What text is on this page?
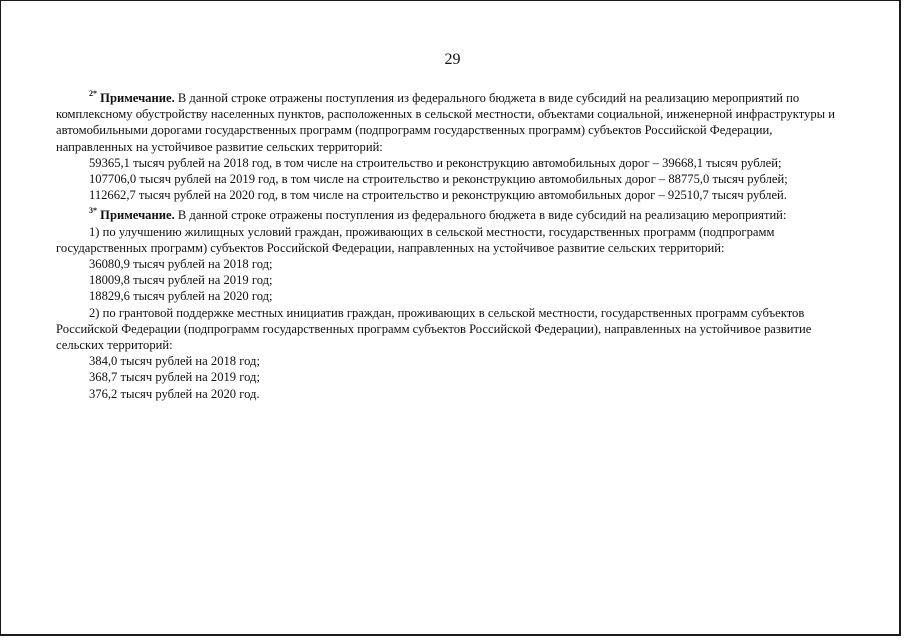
29

$^{2*}$ Примечание. В данной строке отражены поступления из федерального бюджета в виде субсидий на реализацию мероприятий по комплексному обустройству населенных пунктов, расположенных в сельской местности, объектами социальной, инженерной инфраструктуры и автомобильными дорогами государственных программ (подпрограмм государственных программ) субъектов Российской Федерации, направленных на устойчивое развитие сельских территорий:

59365,1 тысяч рублей на 2018 год, в том числе на строительство и реконструкцию автомобильных дорог – 39668,1 тысяч рублей;

107706,0 тысяч рублей на 2019 год, в том числе на строительство и реконструкцию автомобильных дорог – 88775,0 тысяч рублей;

112662,7 тысяч рублей на 2020 год, в том числе на строительство и реконструкцию автомобильных дорог – 92510,7 тысяч рублей.

$^{3*}$ Примечание. В данной строке отражены поступления из федерального бюджета в виде субсидий на реализацию мероприятий:

1) по улучшению жилищных условий граждан, проживающих в сельской местности, государственных программ (подпрограмм государственных программ) субъектов Российской Федерации, направленных на устойчивое развитие сельских территорий:

36080,9 тысяч рублей на 2018 год;

18009,8 тысяч рублей на 2019 год;

18829,6 тысяч рублей на 2020 год;

2) по грантовой поддержке местных инициатив граждан, проживающих в сельской местности, государственных программ субъектов Российской Федерации (подпрограмм государственных программ субъектов Российской Федерации), направленных на устойчивое развитие сельских территорий:

384,0 тысяч рублей на 2018 год;

368,7 тысяч рублей на 2019 год;

376,2 тысяч рублей на 2020 год.
